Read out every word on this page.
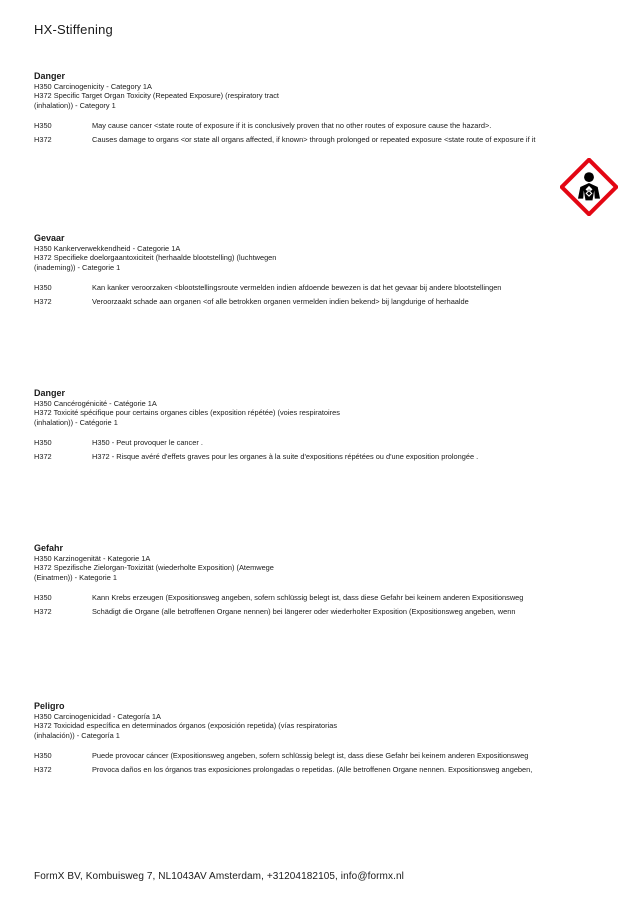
HX-Stiffening
Danger
H350 Carcinogenicity - Category 1A
H372 Specific Target Organ Toxicity (Repeated Exposure) (respiratory tract
(inhalation)) - Category 1
H350	May cause cancer <state route of exposure if it is conclusively proven that no other routes of exposure cause the hazard>.
H372	Causes damage to organs <or state all organs affected, if known> through prolonged or repeated exposure <state route of exposure if it
Gevaar
H350 Kankerverwekkendheid - Categorie 1A
H372 Specifieke doelorgaantoxiciteit (herhaalde blootstelling) (luchtwegen
(inademing)) - Categorie 1
H350	Kan kanker veroorzaken <blootstellingsroute vermelden indien afdoende bewezen is dat het gevaar bij andere blootstellingen
H372	Veroorzaakt schade aan organen <of alle betrokken organen vermelden indien bekend> bij langdurige of herhaalde
Danger
H350 Cancérogénicité - Catégorie 1A
H372 Toxicité spécifique pour certains organes cibles (exposition répétée) (voies respiratoires
(inhalation)) - Catégorie 1
H350	H350 - Peut provoquer le cancer .
H372	H372 - Risque avéré d'effets graves pour les organes à la suite d'expositions répétées ou d'une exposition prolongée .
Gefahr
H350 Karzinogenität - Kategorie 1A
H372 Spezifische Zielorgan-Toxizität (wiederholte Exposition) (Atemwege
(Einatmen)) - Kategorie 1
H350	Kann Krebs erzeugen (Expositionsweg angeben, sofern schlüssig belegt ist, dass diese Gefahr bei keinem anderen Expositionsweg
H372	Schädigt die Organe (alle betroffenen Organe nennen) bei längerer oder wiederholter Exposition (Expositionsweg angeben, wenn
Peligro
H350 Carcinogenicidad - Categoría 1A
H372 Toxicidad específica en determinados órganos (exposición repetida) (vías respiratorias
(inhalación)) - Categoría 1
H350	Puede provocar cáncer (Expositionsweg angeben, sofern schlüssig belegt ist, dass diese Gefahr bei keinem anderen Expositionsweg
H372	Provoca daños en los órganos tras exposiciones prolongadas o repetidas. (Alle betroffenen Organe nennen. Expositionsweg angeben,
FormX BV, Kombuisweg 7, NL1043AV Amsterdam, +31204182105, info@formx.nl
